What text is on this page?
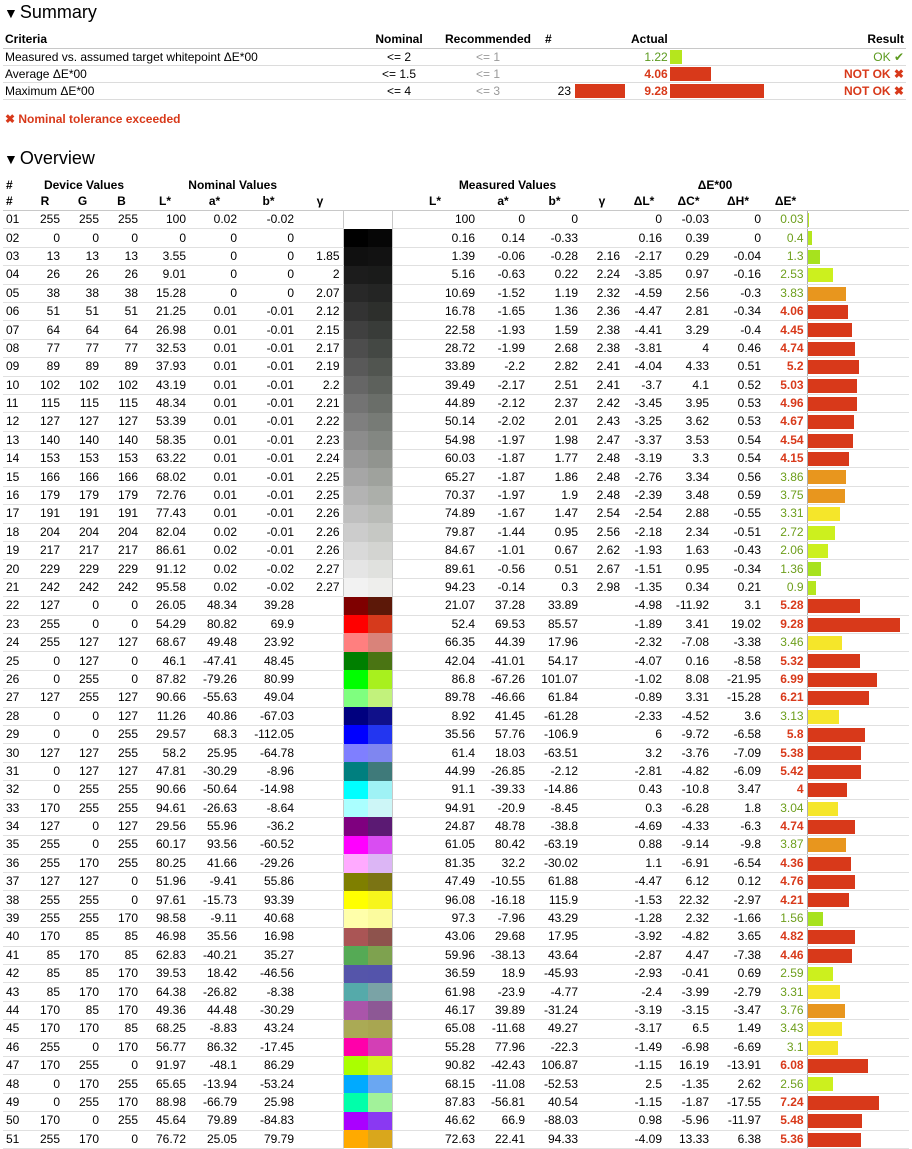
▼ Summary
Criteria	Nominal	Recommended	#		Actual		Result
Measured vs. assumed target whitepoint ΔE*00	<= 2	<= 1			1.22		OK ✔
Average ΔE*00	<= 1.5	<= 1			4.06		NOT OK ✖
Maximum ΔE*00	<= 4	<= 3	23		9.28		NOT OK ✖
✖ Nominal tolerance exceeded
▼ Overview
#	Device Values			Nominal Values					Measured Values				ΔE*00				
#	R	G	B	L*	a*	b*	γ		L*	a*	b*	γ	ΔL*	ΔC*	ΔH*	ΔE*	
01	255	255	255	100	0.02	-0.02			100	0	0		0	-0.03	0	0.03	

02	0	0	0	0	0	0			0.16	0.14	-0.33		0.16	0.39	0	0.4	

03	13	13	13	3.55	0	0	1.85		1.39	-0.06	-0.28	2.16	-2.17	0.29	-0.04	1.3	

04	26	26	26	9.01	0	0	2		5.16	-0.63	0.22	2.24	-3.85	0.97	-0.16	2.53	

05	38	38	38	15.28	0	0	2.07		10.69	-1.52	1.19	2.32	-4.59	2.56	-0.3	3.83	

06	51	51	51	21.25	0.01	-0.01	2.12		16.78	-1.65	1.36	2.36	-4.47	2.81	-0.34	4.06	

07	64	64	64	26.98	0.01	-0.01	2.15		22.58	-1.93	1.59	2.38	-4.41	3.29	-0.4	4.45	

08	77	77	77	32.53	0.01	-0.01	2.17		28.72	-1.99	2.68	2.38	-3.81	4	0.46	4.74	

09	89	89	89	37.93	0.01	-0.01	2.19		33.89	-2.2	2.82	2.41	-4.04	4.33	0.51	5.2	

10	102	102	102	43.19	0.01	-0.01	2.2		39.49	-2.17	2.51	2.41	-3.7	4.1	0.52	5.03	

11	115	115	115	48.34	0.01	-0.01	2.21		44.89	-2.12	2.37	2.42	-3.45	3.95	0.53	4.96	

12	127	127	127	53.39	0.01	-0.01	2.22		50.14	-2.02	2.01	2.43	-3.25	3.62	0.53	4.67	

13	140	140	140	58.35	0.01	-0.01	2.23		54.98	-1.97	1.98	2.47	-3.37	3.53	0.54	4.54	

14	153	153	153	63.22	0.01	-0.01	2.24		60.03	-1.87	1.77	2.48	-3.19	3.3	0.54	4.15	

15	166	166	166	68.02	0.01	-0.01	2.25		65.27	-1.87	1.86	2.48	-2.76	3.34	0.56	3.86	

16	179	179	179	72.76	0.01	-0.01	2.25		70.37	-1.97	1.9	2.48	-2.39	3.48	0.59	3.75	

17	191	191	191	77.43	0.01	-0.01	2.26		74.89	-1.67	1.47	2.54	-2.54	2.88	-0.55	3.31	

18	204	204	204	82.04	0.02	-0.01	2.26		79.87	-1.44	0.95	2.56	-2.18	2.34	-0.51	2.72	

19	217	217	217	86.61	0.02	-0.01	2.26		84.67	-1.01	0.67	2.62	-1.93	1.63	-0.43	2.06	

20	229	229	229	91.12	0.02	-0.02	2.27		89.61	-0.56	0.51	2.67	-1.51	0.95	-0.34	1.36	

21	242	242	242	95.58	0.02	-0.02	2.27		94.23	-0.14	0.3	2.98	-1.35	0.34	0.21	0.9	

22	127	0	0	26.05	48.34	39.28			21.07	37.28	33.89		-4.98	-11.92	3.1	5.28	

23	255	0	0	54.29	80.82	69.9			52.4	69.53	85.57		-1.89	3.41	19.02	9.28	

24	255	127	127	68.67	49.48	23.92			66.35	44.39	17.96		-2.32	-7.08	-3.38	3.46	

25	0	127	0	46.1	-47.41	48.45			42.04	-41.01	54.17		-4.07	0.16	-8.58	5.32	

26	0	255	0	87.82	-79.26	80.99			86.8	-67.26	101.07		-1.02	8.08	-21.95	6.99	

27	127	255	127	90.66	-55.63	49.04			89.78	-46.66	61.84		-0.89	3.31	-15.28	6.21	

28	0	0	127	11.26	40.86	-67.03			8.92	41.45	-61.28		-2.33	-4.52	3.6	3.13	

29	0	0	255	29.57	68.3	-112.05			35.56	57.76	-106.9		6	-9.72	-6.58	5.8	

30	127	127	255	58.2	25.95	-64.78			61.4	18.03	-63.51		3.2	-3.76	-7.09	5.38	

31	0	127	127	47.81	-30.29	-8.96			44.99	-26.85	-2.12		-2.81	-4.82	-6.09	5.42	

32	0	255	255	90.66	-50.64	-14.98			91.1	-39.33	-14.86		0.43	-10.8	3.47	4	

33	170	255	255	94.61	-26.63	-8.64			94.91	-20.9	-8.45		0.3	-6.28	1.8	3.04	

34	127	0	127	29.56	55.96	-36.2			24.87	48.78	-38.8		-4.69	-4.33	-6.3	4.74	

35	255	0	255	60.17	93.56	-60.52			61.05	80.42	-63.19		0.88	-9.14	-9.8	3.87	

36	255	170	255	80.25	41.66	-29.26			81.35	32.2	-30.02		1.1	-6.91	-6.54	4.36	

37	127	127	0	51.96	-9.41	55.86			47.49	-10.55	61.88		-4.47	6.12	0.12	4.76	

38	255	255	0	97.61	-15.73	93.39			96.08	-16.18	115.9		-1.53	22.32	-2.97	4.21	

39	255	255	170	98.58	-9.11	40.68			97.3	-7.96	43.29		-1.28	2.32	-1.66	1.56	

40	170	85	85	46.98	35.56	16.98			43.06	29.68	17.95		-3.92	-4.82	3.65	4.82	

41	85	170	85	62.83	-40.21	35.27			59.96	-38.13	43.64		-2.87	4.47	-7.38	4.46	

42	85	85	170	39.53	18.42	-46.56			36.59	18.9	-45.93		-2.93	-0.41	0.69	2.59	

43	85	170	170	64.38	-26.82	-8.38			61.98	-23.9	-4.77		-2.4	-3.99	-2.79	3.31	

44	170	85	170	49.36	44.48	-30.29			46.17	39.89	-31.24		-3.19	-3.15	-3.47	3.76	

45	170	170	85	68.25	-8.83	43.24			65.08	-11.68	49.27		-3.17	6.5	1.49	3.43	

46	255	0	170	56.77	86.32	-17.45			55.28	77.96	-22.3		-1.49	-6.98	-6.69	3.1	

47	170	255	0	91.97	-48.1	86.29			90.82	-42.43	106.87		-1.15	16.19	-13.91	6.08	

48	0	170	255	65.65	-13.94	-53.24			68.15	-11.08	-52.53		2.5	-1.35	2.62	2.56	

49	0	255	170	88.98	-66.79	25.98			87.83	-56.81	40.54		-1.15	-1.87	-17.55	7.24	

50	170	0	255	45.64	79.89	-84.83			46.62	66.9	-88.03		0.98	-5.96	-11.97	5.48	

51	255	170	0	76.72	25.05	79.79			72.63	22.41	94.33		-4.09	13.33	6.38	5.36	
